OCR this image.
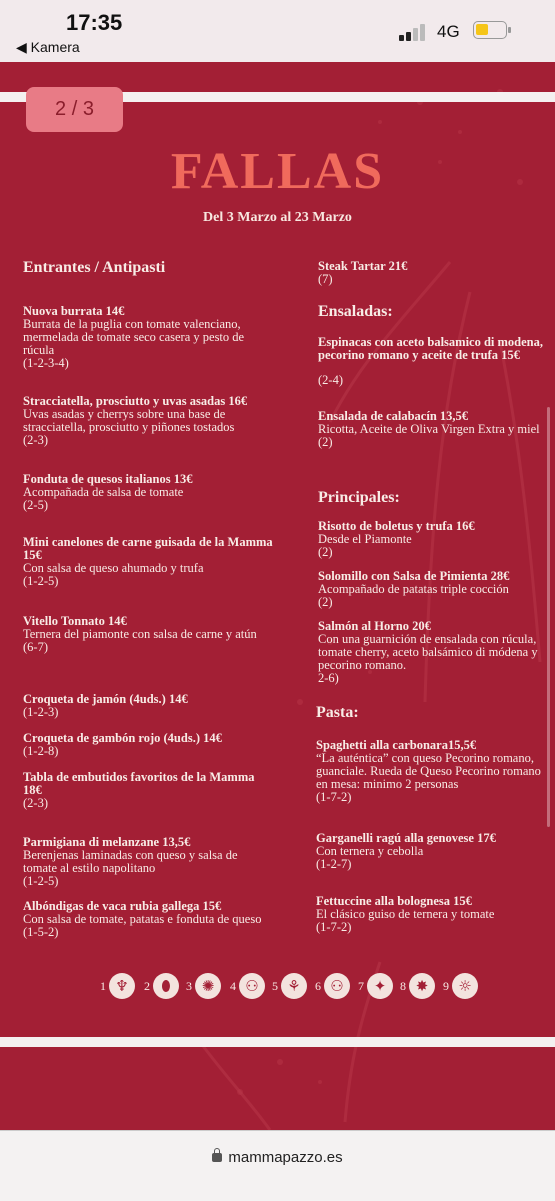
17:35
◀ Kamera
4G
2 / 3
FALLAS
Del 3 Marzo al 23 Marzo
Entrantes / Antipasti
Nuova burrata 14€
Burrata de la puglia con tomate valenciano, mermelada de tomate seco casera y pesto de rúcula
(1-2-3-4)
Stracciatella, prosciutto y uvas asadas 16€
Uvas asadas y cherrys sobre una base de stracciatella, prosciutto y piñones tostados
(2-3)
Fonduta de quesos italianos 13€
Acompañada de salsa de tomate
(2-5)
Mini canelones de carne guisada de la Mamma 15€
Con salsa de queso ahumado y trufa
(1-2-5)
Vitello Tonnato 14€
Ternera del piamonte con salsa de carne y atún
(6-7)
Croqueta de jamón (4uds.) 14€
(1-2-3)
Croqueta de gambón rojo (4uds.) 14€
(1-2-8)
Tabla de embutidos favoritos de la Mamma 18€
(2-3)
Parmigiana di melanzane 13,5€
Berenjenas laminadas con queso y salsa de tomate al estilo napolitano
(1-2-5)
Albóndigas de vaca rubia gallega 15€
Con salsa de tomate, patatas e fonduta de queso
(1-5-2)
Steak Tartar 21€
(7)
Ensaladas:
Espinacas con aceto balsamico di modena, pecorino romano y aceite de trufa 15€
(2-4)
Ensalada de calabacín 13,5€
Ricotta, Aceite de Oliva Virgen Extra y miel
(2)
Principales:
Risotto de boletus y trufa 16€
Desde el Piamonte
(2)
Solomillo con Salsa de Pimienta 28€
Acompañado de patatas triple cocción
(2)
Salmón al Horno 20€
Con una guarnición de ensalada con rúcula, tomate cherry, aceto balsámico di módena y pecorino romano.
2-6)
Pasta:
Spaghetti alla carbonara15,5€
“La auténtica” con queso Pecorino romano, guanciale. Rueda de Queso Pecorino romano en mesa: minimo 2 personas
(1-7-2)
Garganelli ragú alla genovese 17€
Con ternera y cebolla
(1-2-7)
Fettuccine alla bolognesa 15€
El clásico guiso de ternera y tomate
(1-7-2)
1 ♆	2 ⬮	3 ✺	4 ⚇	5 ⚘	6 ⚇	7 ✦	8 ✸	9 ☼
mammapazzo.es
